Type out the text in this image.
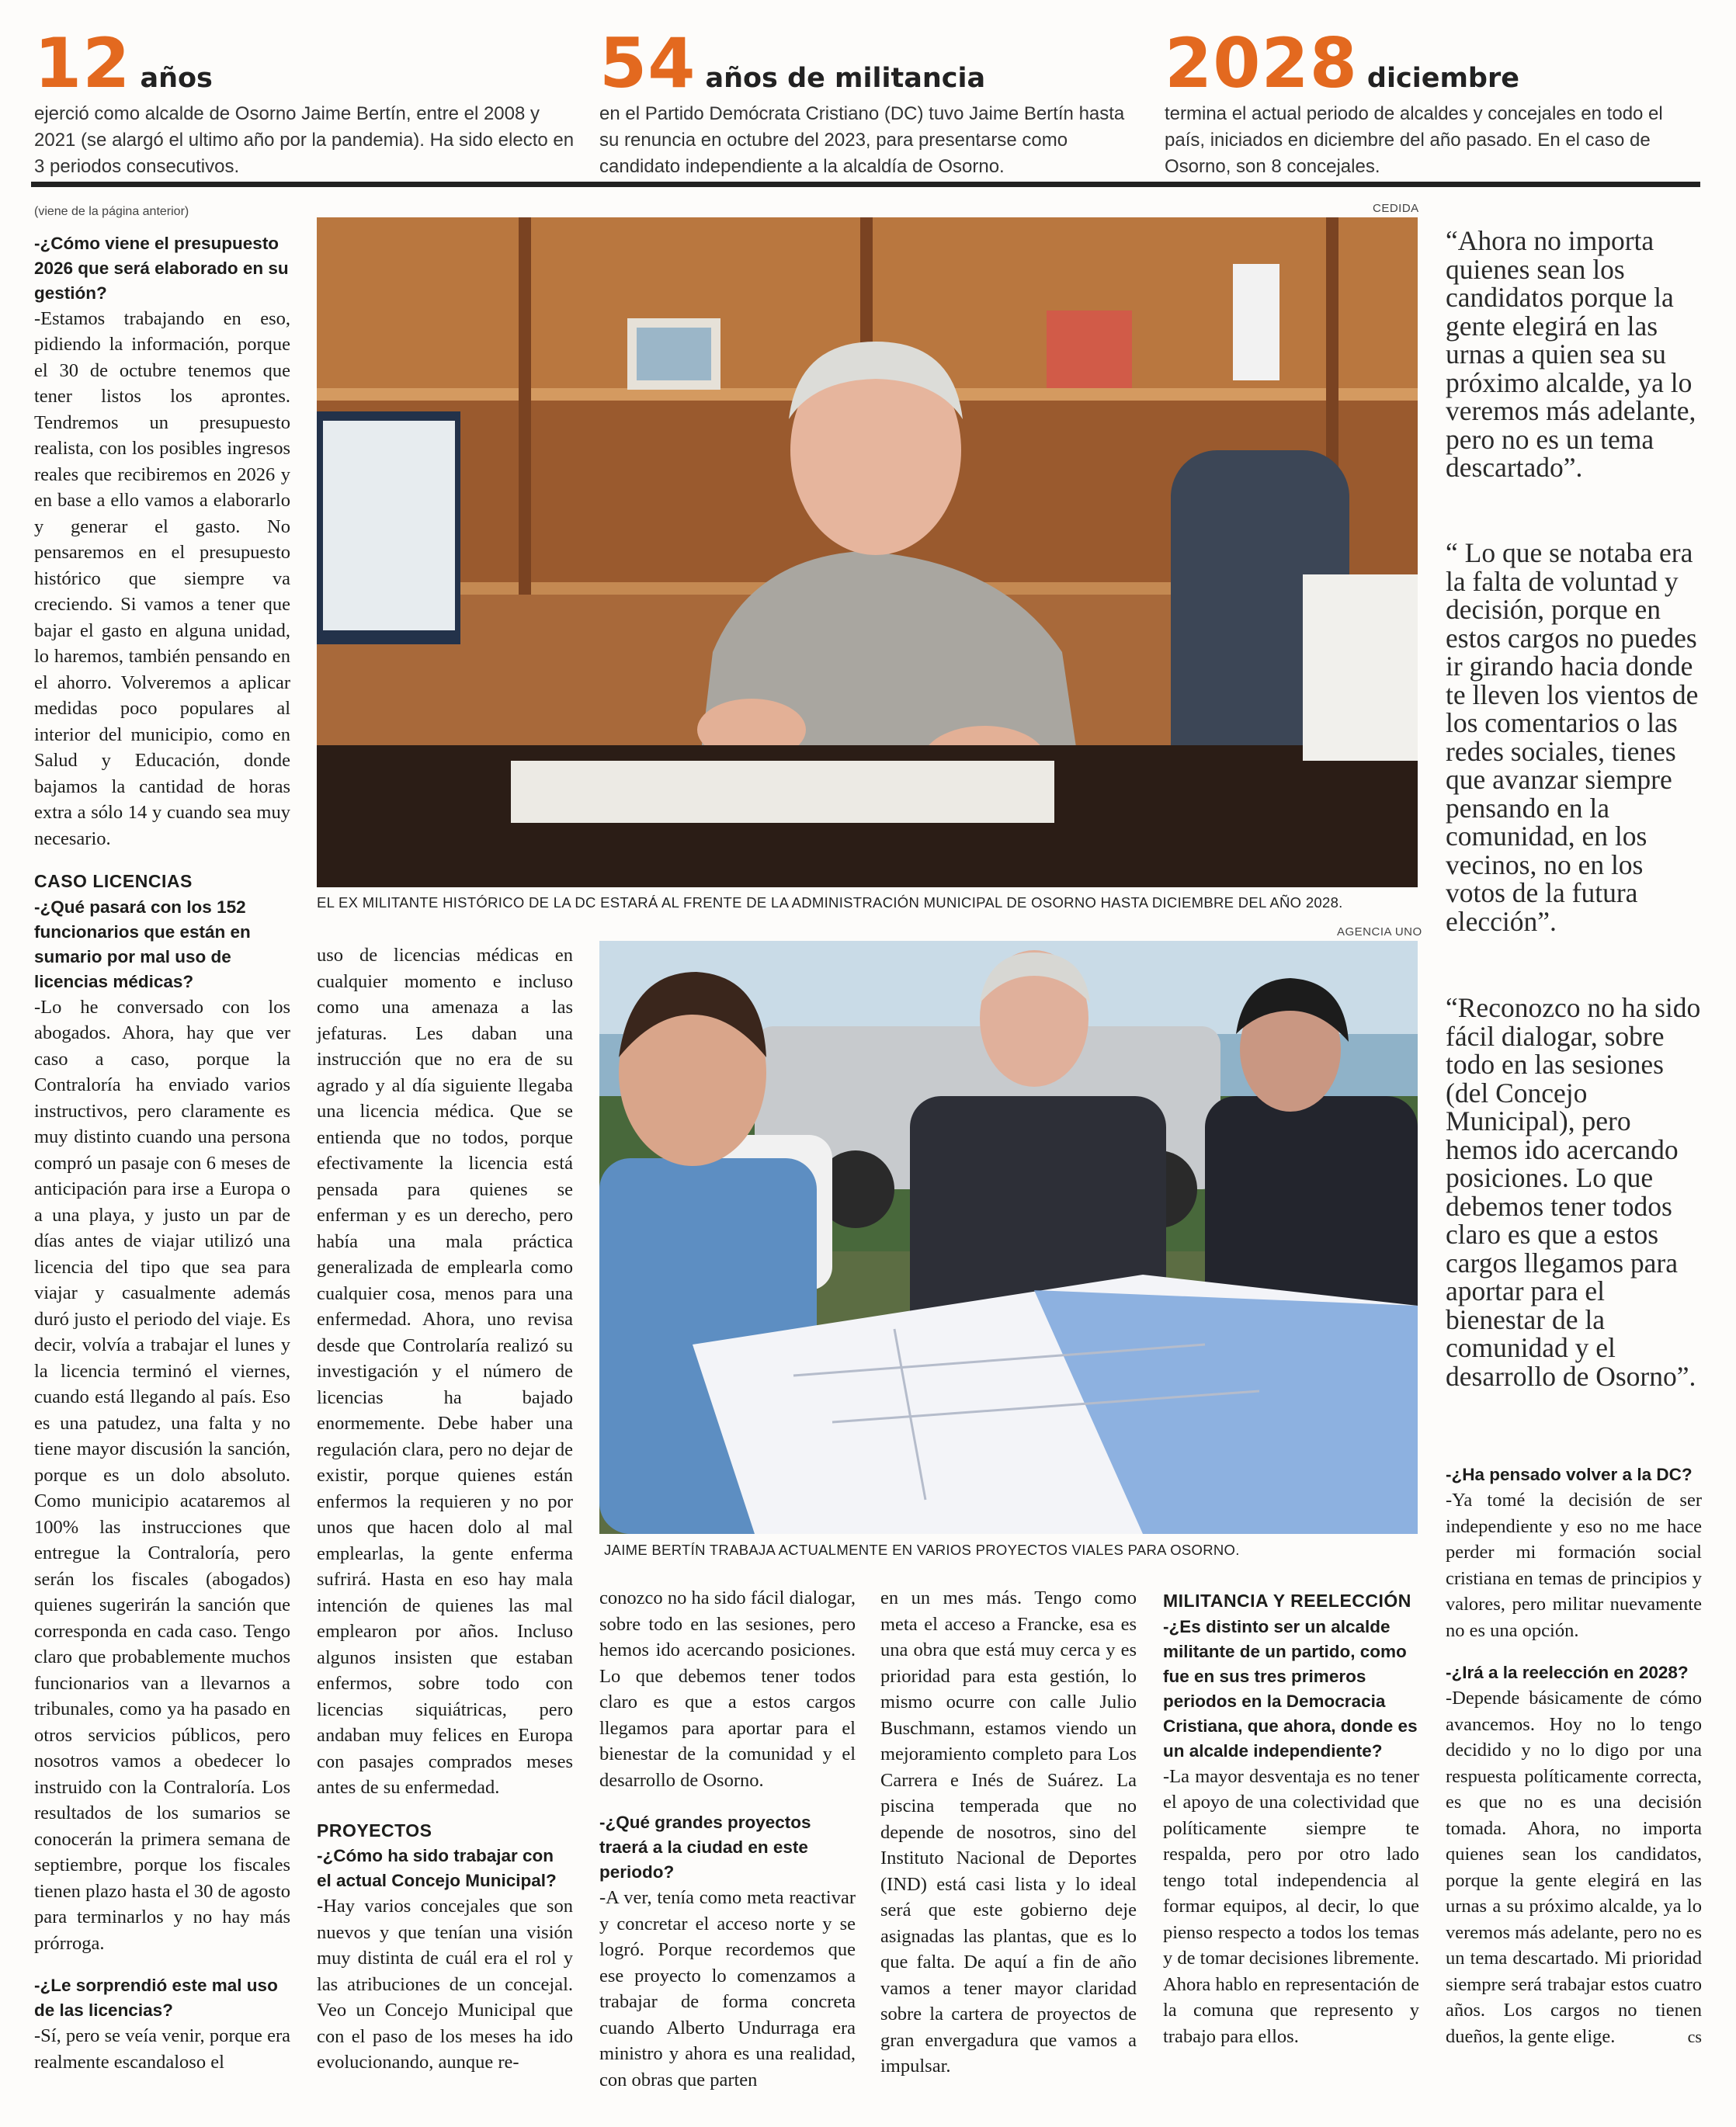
12 años
ejerció como alcalde de Osorno Jaime Bertín, entre el 2008 y 2021 (se alargó el ultimo año por la pandemia). Ha sido electo en 3 periodos consecutivos.
54 años de militancia
en el Partido Demócrata Cristiano (DC) tuvo Jaime Bertín hasta su renuncia en octubre del 2023, para presentarse como candidato independiente a la alcaldía de Osorno.
2028 diciembre
termina el actual periodo de alcaldes y concejales en todo el país, iniciados en diciembre del año pasado. En el caso de Osorno, son 8 concejales.
(viene de la página anterior)

-¿Cómo viene el presupuesto 2026 que será elaborado en su gestión?

-Estamos trabajando en eso, pidiendo la información, porque el 30 de octubre tenemos que tener listos los aprontes. Tendremos un presupuesto realista, con los posibles ingresos reales que recibiremos en 2026 y en base a ello vamos a elaborarlo y generar el gasto. No pensaremos en el presupuesto histórico que siempre va creciendo. Si vamos a tener que bajar el gasto en alguna unidad, lo haremos, también pensando en el ahorro. Volveremos a aplicar medidas poco populares al interior del municipio, como en Salud y Educación, donde bajamos la cantidad de horas extra a sólo 14 y cuando sea muy necesario.

CASO LICENCIAS

-¿Qué pasará con los 152 funcionarios que están en sumario por mal uso de licencias médicas?

-Lo he conversado con los abogados. Ahora, hay que ver caso a caso, porque la Contraloría ha enviado varios instructivos, pero claramente es muy distinto cuando una persona compró un pasaje con 6 meses de anticipación para irse a Europa o a una playa, y justo un par de días antes de viajar utilizó una licencia del tipo que sea para viajar y casualmente además duró justo el periodo del viaje. Es decir, volvía a trabajar el lunes y la licencia terminó el viernes, cuando está llegando al país. Eso es una patudez, una falta y no tiene mayor discusión la sanción, porque es un dolo absoluto. Como municipio acataremos al 100% las instrucciones que entregue la Contraloría, pero serán los fiscales (abogados) quienes sugerirán la sanción que corresponda en cada caso. Tengo claro que probablemente muchos funcionarios van a llevarnos a tribunales, como ya ha pasado en otros servicios públicos, pero nosotros vamos a obedecer lo instruido con la Contraloría. Los resultados de los sumarios se conocerán la primera semana de septiembre, porque los fiscales tienen plazo hasta el 30 de agosto para terminarlos y no hay más prórroga.

-¿Le sorprendió este mal uso de las licencias?

-Sí, pero se veía venir, porque era realmente escandaloso el

CEDIDA
EL EX MILITANTE HISTÓRICO DE LA DC ESTARÁ AL FRENTE DE LA ADMINISTRACIÓN MUNICIPAL DE OSORNO HASTA DICIEMBRE DEL AÑO 2028.
AGENCIA UNO
JAIME BERTÍN TRABAJA ACTUALMENTE EN VARIOS PROYECTOS VIALES PARA OSORNO.

uso de licencias médicas en cualquier momento e incluso como una amenaza a las jefaturas. Les daban una instrucción que no era de su agrado y al día siguiente llegaba una licencia médica. Que se entienda que no todos, porque efectivamente la licencia está pensada para quienes se enferman y es un derecho, pero había una mala práctica generalizada de emplearla como cualquier cosa, menos para una enfermedad. Ahora, uno revisa desde que Controlaría realizó su investigación y el número de licencias ha bajado enormemente. Debe haber una regulación clara, pero no dejar de existir, porque quienes están enfermos la requieren y no por unos que hacen dolo al mal emplearlas, la gente enferma sufrirá. Hasta en eso hay mala intención de quienes las mal emplearon por años. Incluso algunos insisten que estaban enfermos, sobre todo con licencias siquiátricas, pero andaban muy felices en Europa con pasajes comprados meses antes de su enfermedad.

PROYECTOS

-¿Cómo ha sido trabajar con el actual Concejo Municipal?

-Hay varios concejales que son nuevos y que tenían una visión muy distinta de cuál era el rol y las atribuciones de un concejal. Veo un Concejo Municipal que con el paso de los meses ha ido evolucionando, aunque re-

conozco no ha sido fácil dialogar, sobre todo en las sesiones, pero hemos ido acercando posiciones. Lo que debemos tener todos claro es que a estos cargos llegamos para aportar para el bienestar de la comunidad y el desarrollo de Osorno.

-¿Qué grandes proyectos traerá a la ciudad en este periodo?

-A ver, tenía como meta reactivar y concretar el acceso norte y se logró. Porque recordemos que ese proyecto lo comenzamos a trabajar de forma concreta cuando Alberto Undurraga era ministro y ahora es una realidad, con obras que parten

en un mes más. Tengo como meta el acceso a Francke, esa es una obra que está muy cerca y es prioridad para esta gestión, lo mismo ocurre con calle Julio Buschmann, estamos viendo un mejoramiento completo para Los Carrera e Inés de Suárez. La piscina temperada que no depende de nosotros, sino del Instituto Nacional de Deportes (IND) está casi lista y lo ideal será que este gobierno deje asignadas las plantas, que es lo que falta. De aquí a fin de año vamos a tener mayor claridad sobre la cartera de proyectos de gran envergadura que vamos a impulsar.

MILITANCIA Y REELECCIÓN

-¿Es distinto ser un alcalde militante de un partido, como fue en sus tres primeros periodos en la Democracia Cristiana, que ahora, donde es un alcalde independiente?

-La mayor desventaja es no tener el apoyo de una colectividad que políticamente siempre te respalda, pero por otro lado tengo total independencia al formar equipos, al decir, lo que pienso respecto a todos los temas y de tomar decisiones libremente. Ahora hablo en representación de la comuna que represento y trabajo para ellos.

“Ahora no importa quienes sean los candidatos porque la gente elegirá en las urnas a quien sea su próximo alcalde, ya lo veremos más adelante, pero no es un tema descartado”.
“ Lo que se notaba era la falta de voluntad y decisión, porque en estos cargos no puedes ir girando hacia donde te lleven los vientos de los comentarios o las redes sociales, tienes que avanzar siempre pensando en la comunidad, en los vecinos, no en los votos de la futura elección”.
“Reconozco no ha sido fácil dialogar, sobre todo en las sesiones (del Concejo Municipal), pero hemos ido acercando posiciones. Lo que debemos tener todos claro es que a estos cargos llegamos para aportar para el bienestar de la comunidad y el desarrollo de Osorno”.

-¿Ha pensado volver a la DC?

-Ya tomé la decisión de ser independiente y eso no me hace perder mi formación social cristiana en temas de principios y valores, pero militar nuevamente no es una opción.

-¿Irá a la reelección en 2028?

-Depende básicamente de cómo avancemos. Hoy no lo tengo decidido y no lo digo por una respuesta políticamente correcta, es que no es una decisión tomada. Ahora, no importa quienes sean los candidatos, porque la gente elegirá en las urnas a su próximo alcalde, ya lo veremos más adelante, pero no es un tema descartado. Mi prioridad siempre será trabajar estos cuatro años. Los cargos no tienen dueños, la gente elige.	cs
